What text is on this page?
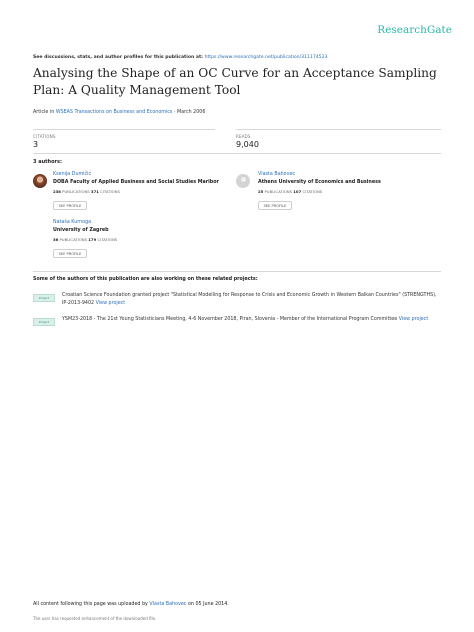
ResearchGate
See discussions, stats, and author profiles for this publication at: https://www.researchgate.net/publication/311174523
Analysing the Shape of an OC Curve for an Acceptance Sampling Plan: A Quality Management Tool
Article in WSEAS Transactions on Business and Economics · March 2006
CITATIONS
3
READS
9,040
3 authors:
Ksenija Dumičić
DOBA Faculty of Applied Business and Social Studies Maribor
238 PUBLICATIONS 371 CITATIONS
SEE PROFILE
Vlasta Bahovec
Athens University of Economics and Business
25 PUBLICATIONS 107 CITATIONS
SEE PROFILE
Nataša Kurnoga
University of Zagreb
36 PUBLICATIONS 179 CITATIONS
SEE PROFILE
Some of the authors of this publication are also working on these related projects:
Project	Croatian Science Foundation granted project "Statistical Modelling for Response to Crisis and Economic Growth in Western Balkan Countries" (STRENGTHS), IP-2013-9402 View project
Project	YSM23-2018 - The 21st Young Statisticians Meeting, 4-6 November 2018, Piran, Slovenia - Member of the International Program Committee View project
All content following this page was uploaded by Vlasta Bahovec on 05 June 2014.
The user has requested enhancement of the downloaded file.
